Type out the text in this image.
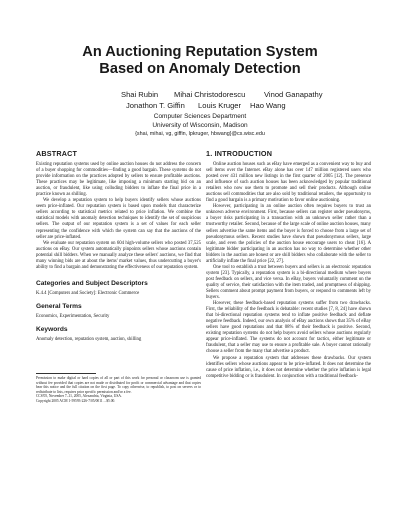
An Auctioning Reputation System
Based on Anomaly Detection
Shai Rubin Mihai Christodorescu Vinod Ganapathy
Jonathon T. Giffin Louis Kruger Hao Wang
Computer Sciences Department
University of Wisconsin, Madison
{shai, mihai, vg, giffin, lpkruger, hbwang}@cs.wisc.edu
ABSTRACT

Existing reputation systems used by online auction houses do not address the concern of a buyer shopping for commodities—finding a good bargain. These systems do not provide information on the practices adopted by sellers to ensure profitable auctions. These practices may be legitimate, like imposing a minimum starting bid on an auction, or fraudulent, like using colluding bidders to inflate the final price in a practice known as shilling.

We develop a reputation system to help buyers identify sellers whose auctions seem price-inflated. Our reputation system is based upon models that characterize sellers according to statistical metrics related to price inflation. We combine the statistical models with anomaly detection techniques to identify the set of suspicious sellers. The output of our reputation system is a set of values for each seller representing the confidence with which the system can say that the auctions of the seller are price-inflated.

We evaluate our reputation system on 604 high-volume sellers who posted 37,525 auctions on eBay. Our system automatically pinpoints sellers whose auctions contain potential shill bidders. When we manually analyze these sellers' auctions, we find that many winning bids are at about the items' market values, thus undercutting a buyer's ability to find a bargain and demonstrating the effectiveness of our reputation system.

Categories and Subject Descriptors
K.4.4 [Computers and Society]: Electronic Commerce
General Terms
Economics, Experimentation, Security
Keywords
Anomaly detection, reputation system, auction, shilling

Permission to make digital or hard copies of all or part of this work for personal or classroom use is granted without fee provided that copies are not made or distributed for profit or commercial advantage and that copies bear this notice and the full citation on the first page. To copy otherwise, to republish, to post on servers or to redistribute to lists, requires prior specific permission and/or a fee.

CCS'05, November 7–11, 2005, Alexandria, Virginia, USA.

Copyright 2005 ACM 1-59593-226-7/05/0011 ...$5.00.

1. INTRODUCTION

Online auction houses such as eBay have emerged as a convenient way to buy and sell items over the Internet. eBay alone has over 147 million registered users who posted over 431 million new listings in the first quarter of 2005 [12]. The presence and influence of such auction houses has been acknowledged by popular traditional retailers who now use them to promote and sell their products. Although online auctions sell commodities that are also sold by traditional retailers, the opportunity to find a good bargain is a primary motivation to favor online auctioning.

However, participating in an online auction often requires buyers to trust an unknown adverse environment. First, because sellers can register under pseudonyms, a buyer risks participating in a transaction with an unknown seller rather than a trustworthy retailer. Second, because of the large scale of online auction houses, many sellers advertise the same items and the buyer is forced to choose from a large set of pseudonymous sellers. Recent studies have shown that pseudonymous sellers, large scale, and even the policies of the auction house encourage users to cheat [16]. A legitimate bidder participating in an auction has no way to determine whether other bidders in the auction are honest or are shill bidders who collaborate with the seller to artificially inflate the final price [22, 27].

One tool to establish a trust between buyers and sellers is an electronic reputation system [23]. Typically, a reputation system is a bi-directional medium where buyers post feedback on sellers, and vice versa. In eBay, buyers voluntarily comment on the quality of service, their satisfaction with the item traded, and promptness of shipping. Sellers comment about prompt payment from buyers, or respond to comments left by buyers.

However, these feedback-based reputation systems suffer from two drawbacks. First, the reliability of the feedback is debatable: recent studies [7, 8, 24] have shown that bi-directional reputation systems tend to inflate positive feedback and deflate negative feedback. Indeed, our own analysis of eBay auctions shows that 35% of eBay sellers have good reputations and that 08% of their feedback is positive. Second, existing reputation systems do not help buyers avoid sellers whose auctions regularly appear price-inflated. The systems do not account for tactics, either legitimate or fraudulent, that a seller may use to ensure a profitable sale. A buyer cannot rationally choose a seller from the many that advertise a product.

We propose a reputation system that addresses these drawbacks. Our system identifies sellers whose auctions appear to be price-inflated. It does not determine the cause of price inflation, i.e., it does not determine whether the price inflation is legal competitive bidding or is fraudulent. In conjunction with a traditional feedback-
